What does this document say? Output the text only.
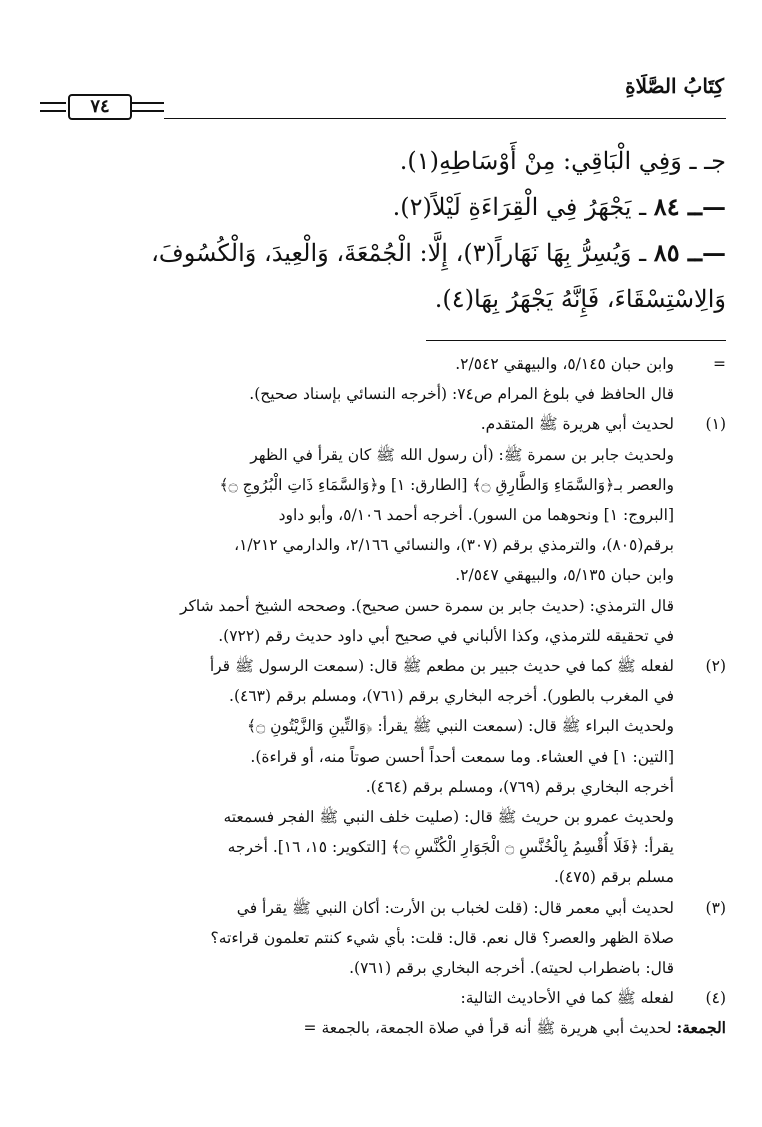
كِتَابُ الصَّلَاةِ
٧٤
جـ ـ وَفِي الْبَاقِي: مِنْ أَوْسَاطِهِ(١).
—ــ ٨٤ ـ يَجْهَرُ فِي الْقِرَاءَةِ لَيْلاً(٢).
—ــ ٨٥ ـ وَيُسِرُّ بِهَا نَهَاراً(٣)، إِلَّا: الْجُمْعَةَ، وَالْعِيدَ، وَالْكُسُوفَ،
وَالِاسْتِسْقَاءَ، فَإِنَّهُ يَجْهَرُ بِهَا(٤).
=

وابن حبان ٥/١٤٥، والبيهقي ٢/٥٤٢.

قال الحافظ في بلوغ المرام ص٧٤: (أخرجه النسائي بإسناد صحيح).

(١)

لحديث أبي هريرة ﷺ المتقدم.

ولحديث جابر بن سمرة ﷺ: (أن رسول الله ﷺ كان يقرأ في الظهر

والعصر بـ﴿وَالسَّمَاءِ وَالطَّارِقِ ۝﴾ [الطارق: ١] و﴿وَالسَّمَاءِ ذَاتِ الْبُرُوجِ ۝﴾

[البروج: ١] ونحوهما من السور). أخرجه أحمد ٥/١٠٦، وأبو داود

برقم(٨٠٥)، والترمذي برقم (٣٠٧)، والنسائي ٢/١٦٦، والدارمي ١/٢١٢،

وابن حبان ٥/١٣٥، والبيهقي ٢/٥٤٧.

قال الترمذي: (حديث جابر بن سمرة حسن صحيح). وصححه الشيخ أحمد شاكر

في تحقيقه للترمذي، وكذا الألباني في صحيح أبي داود حديث رقم (٧٢٢).

(٢)

لفعله ﷺ كما في حديث جبير بن مطعم ﷺ قال: (سمعت الرسول ﷺ قرأ

في المغرب بالطور). أخرجه البخاري برقم (٧٦١)، ومسلم برقم (٤٦٣).

ولحديث البراء ﷺ قال: (سمعت النبي ﷺ يقرأ: ﴿وَالتِّينِ وَالزَّيْتُونِ ۝﴾

[التين: ١] في العشاء. وما سمعت أحداً أحسن صوتاً منه، أو قراءة).

أخرجه البخاري برقم (٧٦٩)، ومسلم برقم (٤٦٤).

ولحديث عمرو بن حريث ﷺ قال: (صليت خلف النبي ﷺ الفجر فسمعته

يقرأ: ﴿فَلَا أُقْسِمُ بِالْخُنَّسِ ۝ الْجَوَارِ الْكُنَّسِ ۝﴾ [التكوير: ١٥، ١٦]. أخرجه

مسلم برقم (٤٧٥).

(٣)

لحديث أبي معمر قال: (قلت لخباب بن الأرت: أكان النبي ﷺ يقرأ في

صلاة الظهر والعصر؟ قال نعم. قال: قلت: بأي شيء كنتم تعلمون قراءته؟

قال: باضطراب لحيته). أخرجه البخاري برقم (٧٦١).

(٤)

لفعله ﷺ كما في الأحاديث التالية:

الجمعة: لحديث أبي هريرة ﷺ أنه قرأ في صلاة الجمعة، بالجمعة =
